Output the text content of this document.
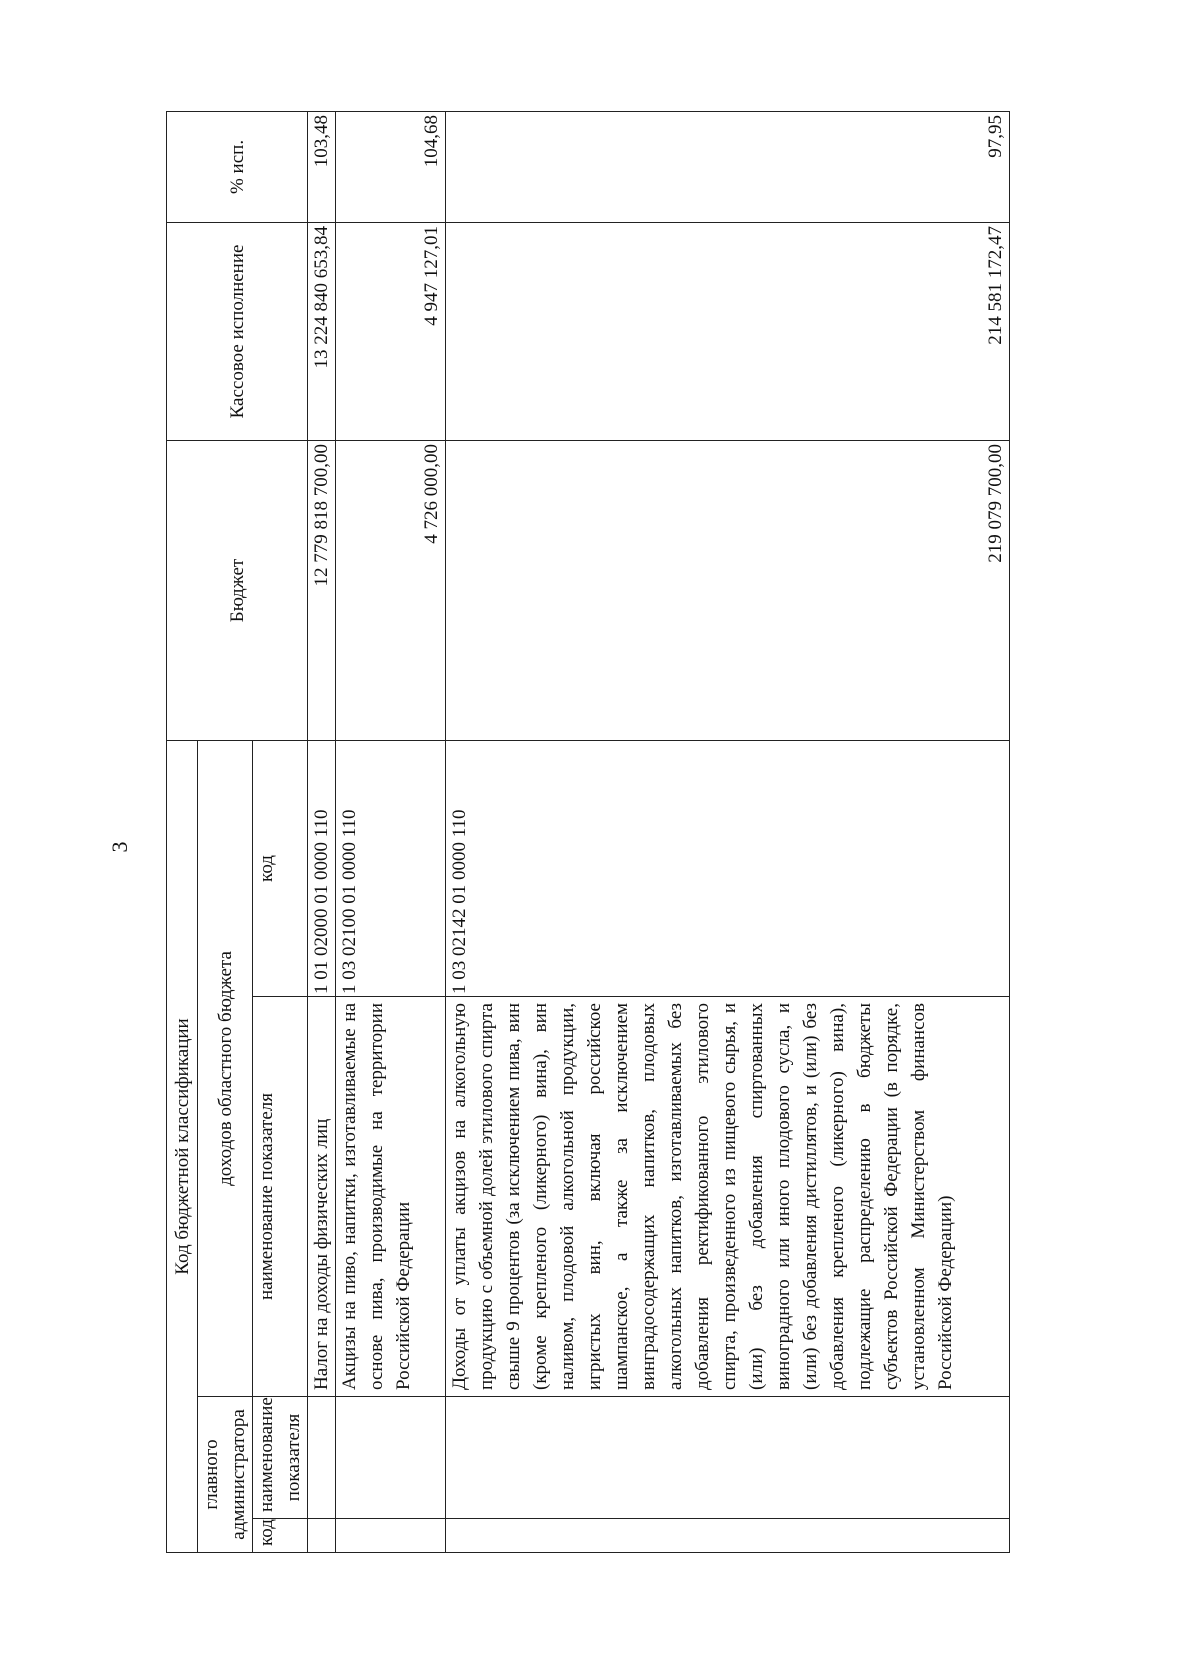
3
Код бюджетной классификации				Бюджет	Кассовое исполнение	% исп.
главного администратора		доходов областного бюджета				
код	наименование показателя	наименование показателя	код			
		Налог на доходы физических лиц	1 01 02000 01 0000 110	12 779 818 700,00	13 224 840 653,84	103,48
		Акцизы на пиво, напитки, изготавливаемые на основе пива, производимые на территории Российской Федерации	1 03 02100 01 0000 110	4 726 000,00	4 947 127,01	104,68
		Доходы от уплаты акцизов на алкогольную продукцию с объемной долей этилового спирта свыше 9 процентов (за исключением пива, вин (кроме крепленого (ликерного) вина), вин наливом, плодовой алкогольной продукции, игристых вин, включая российское шампанское, а также за исключением винградосодержащих напитков, плодовых алкогольных напитков, изготавливаемых без добавления ректификованного этилового спирта, произведенного из пищевого сырья, и (или) без добавления спиртованных виноградного или иного плодового сусла, и (или) без добавления дистиллятов, и (или) без добавления крепленого (ликерного) вина), подлежащие распределению в бюджеты субъектов Российской Федерации (в порядке, установленном Министерством финансов Российской Федерации)	1 03 02142 01 0000 110	219 079 700,00	214 581 172,47	97,95
